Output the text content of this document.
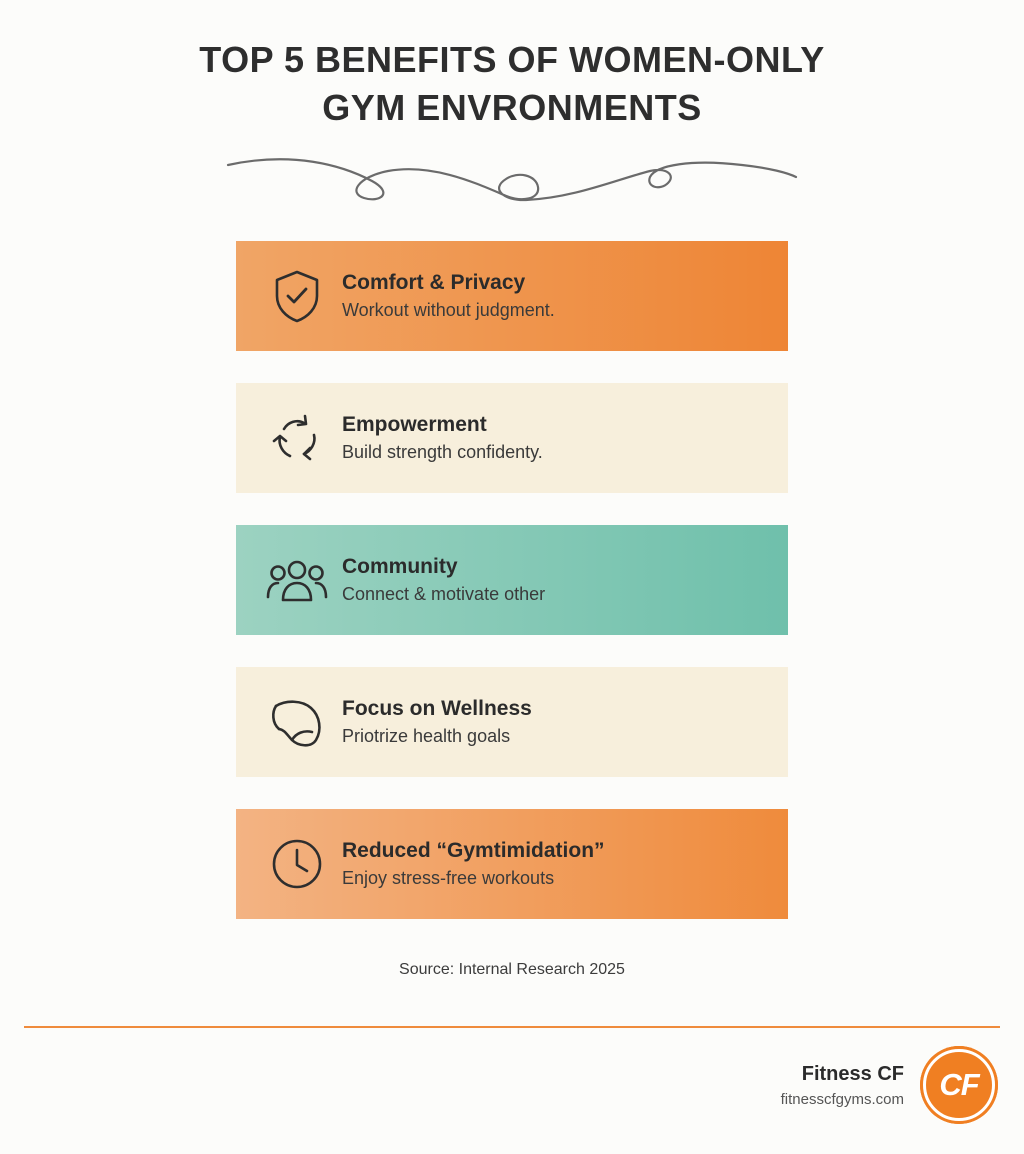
TOP 5 BENEFITS OF WOMEN-ONLY GYM ENVRONMENTS
Comfort & Privacy
Workout without judgment.
Empowerment
Build strength confidenty.
Community
Connect & motivate other
Focus on Wellness
Priotrize health goals
Reduced “Gymtimidation”
Enjoy stress-free workouts
Source: Internal Research 2025
Fitness CF
fitnesscfgyms.com	CF
